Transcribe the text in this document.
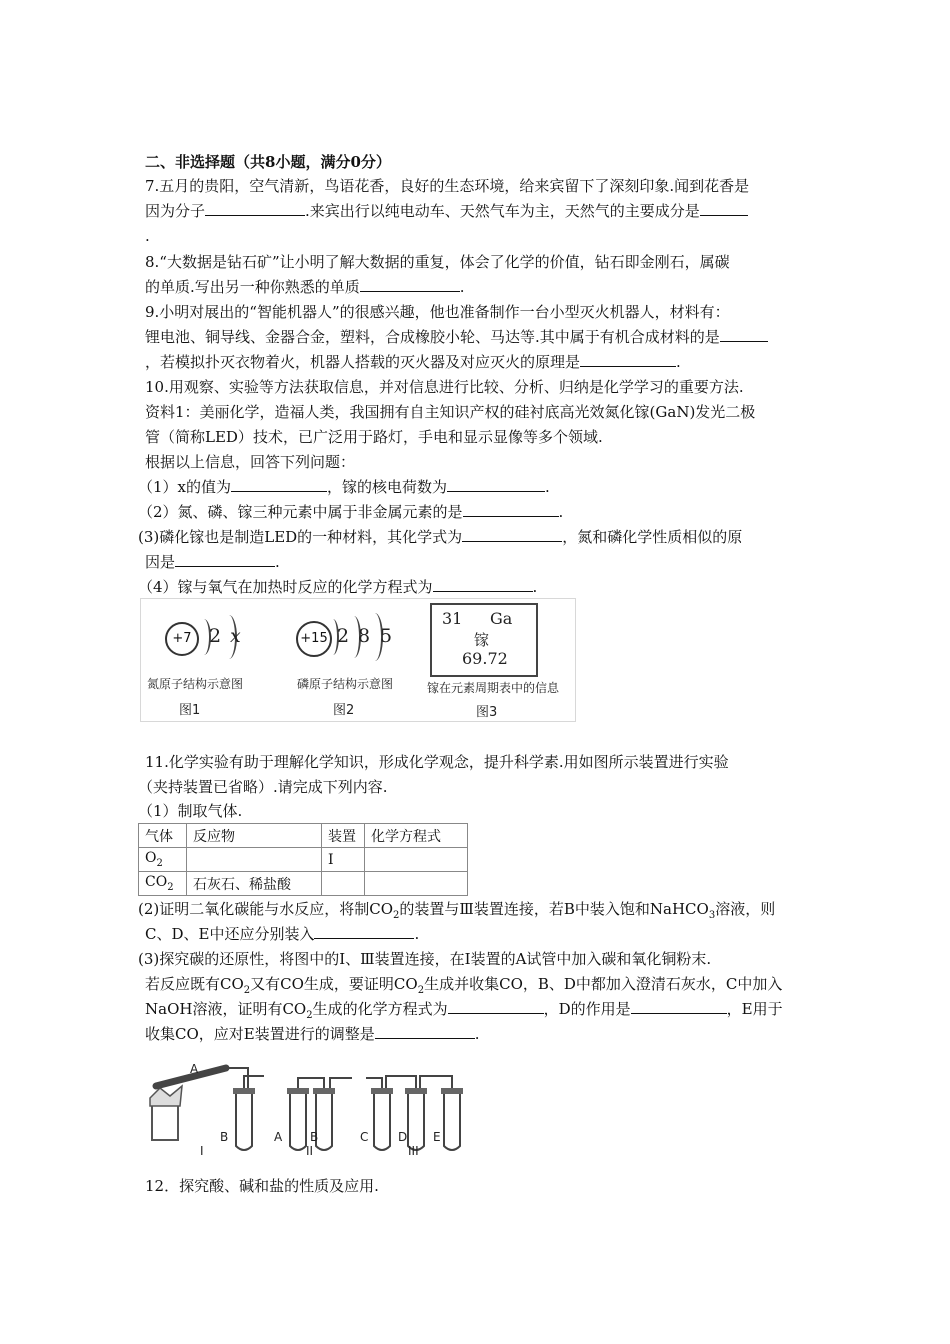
二、非选择题（共8小题，满分0分）
7.五月的贵阳，空气清新，鸟语花香，良好的生态环境，给来宾留下了深刻印象.闻到花香是
因为分子	.来宾出行以纯电动车、天然气车为主，天然气的主要成分是
.
8.“大数据是钻石矿”让小明了解大数据的重复，体会了化学的价值，钻石即金刚石，属碳
的单质.写出另一种你熟悉的单质	.
9.小明对展出的“智能机器人”的很感兴趣，他也准备制作一台小型灭火机器人，材料有：
锂电池、铜导线、金器合金，塑料，合成橡胶小轮、马达等.其中属于有机合成材料的是
，若模拟扑灭衣物着火，机器人搭载的灭火器及对应灭火的原理是	.
10.用观察、实验等方法获取信息，并对信息进行比较、分析、归纳是化学学习的重要方法.
资料1：美丽化学，造福人类，我国拥有自主知识产权的硅衬底高光效氮化镓(GaN)发光二极
管（简称LED）技术，已广泛用于路灯，手电和显示显像等多个领域.
根据以上信息，回答下列问题：
（1）x的值为	，镓的核电荷数为	.
（2）氮、磷、镓三种元素中属于非金属元素的是	.
(3)磷化镓也是制造LED的一种材料，其化学式为	，氮和磷化学性质相似的原
因是	.
（4）镓与氧气在加热时反应的化学方程式为	.
+7 2 x
氮原子结构示意图
图1
+15 2 8 5
磷原子结构示意图
图2
31 Ga
镓
69.72
镓在元素周期表中的信息
图3
11.化学实验有助于理解化学知识，形成化学观念，提升科学素.用如图所示装置进行实验
（夹持装置已省略）.请完成下列内容.
（1）制取气体.
气体	反应物	装置	化学方程式
$O_2$		Ⅰ	
$CO_2$	石灰石、稀盐酸		
(2)证明二氧化碳能与水反应，将制$CO_2$的装置与Ⅲ装置连接，若B中装入饱和NaHCO$_3$溶液，则
C、D、E中还应分别装入	.
(3)探究碳的还原性，将图中的Ⅰ、Ⅲ装置连接，在Ⅰ装置的A试管中加入碳和氧化铜粉末.
若反应既有$CO_2$又有CO生成，要证明$CO_2$生成并收集CO，B、D中都加入澄清石灰水，C中加入
NaOH溶液，证明有$CO_2$生成的化学方程式为	，D的作用是	，E用于
收集CO，应对E装置进行的调整是	.
A
B	A B	C D E
I	II	III
12．探究酸、碱和盐的性质及应用.
